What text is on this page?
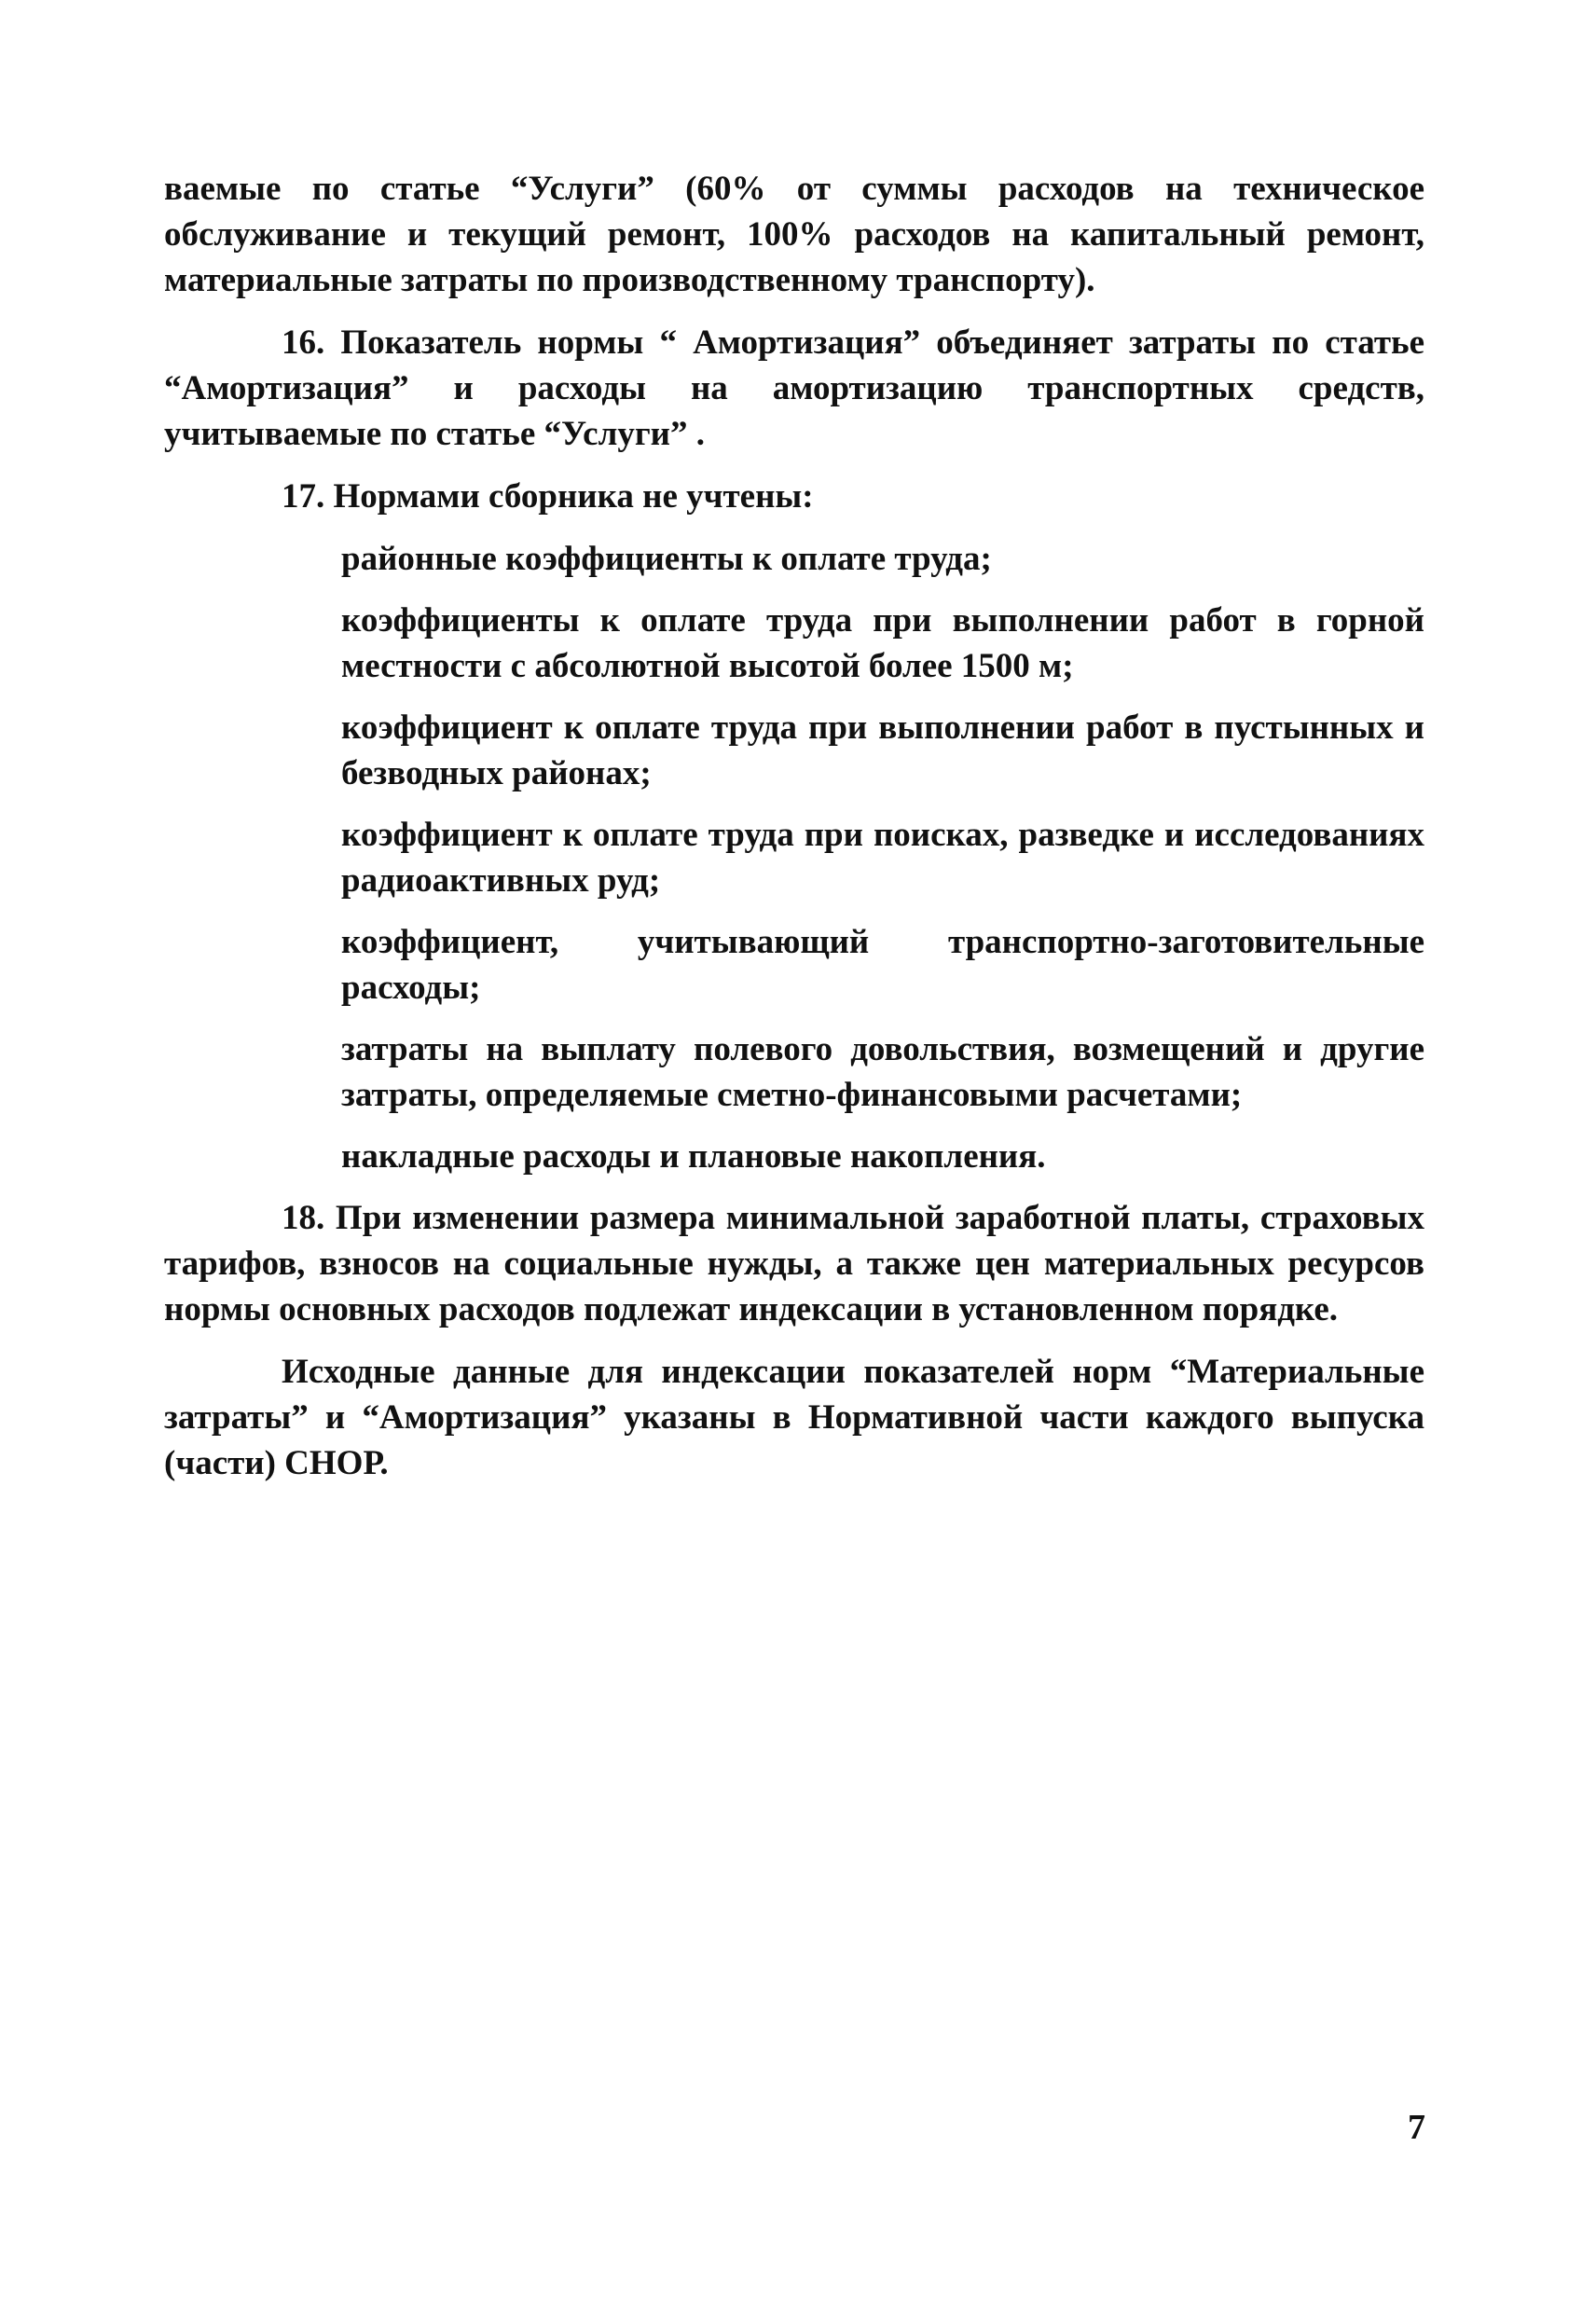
ваемые по статье “Услуги” (60% от суммы расходов на техническое обслуживание и текущий ремонт, 100% расходов на капитальный ремонт, материальные затраты по производственному транспорту).

16. Показатель нормы “ Амортизация” объединяет затраты по статье “Амортизация” и расходы на амортизацию транспортных средств, учитываемые по статье “Услуги” .

17. Нормами сборника не учтены:

районные коэффициенты к оплате труда;
коэффициенты к оплате труда при выполнении работ в горной местности с абсолютной высотой более 1500 м;
коэффициент к оплате труда при выполнении работ в пустынных и безводных районах;
коэффициент к оплате труда при поисках, разведке и исследованиях радиоактивных руд;
коэффициент, учитывающий транспортно-заготовительные расходы;
затраты на выплату полевого довольствия, возмещений и другие затраты, определяемые сметно-финансовыми расчетами;
накладные расходы и плановые накопления.

18. При изменении размера минимальной заработной платы, страховых тарифов, взносов на социальные нужды, а также цен материальных ресурсов нормы основных расходов подлежат индексации в установленном порядке.

Исходные данные для индексации показателей норм “Материальные затраты” и “Амортизация” указаны в Нормативной части каждого выпуска (части) СНОР.

7
